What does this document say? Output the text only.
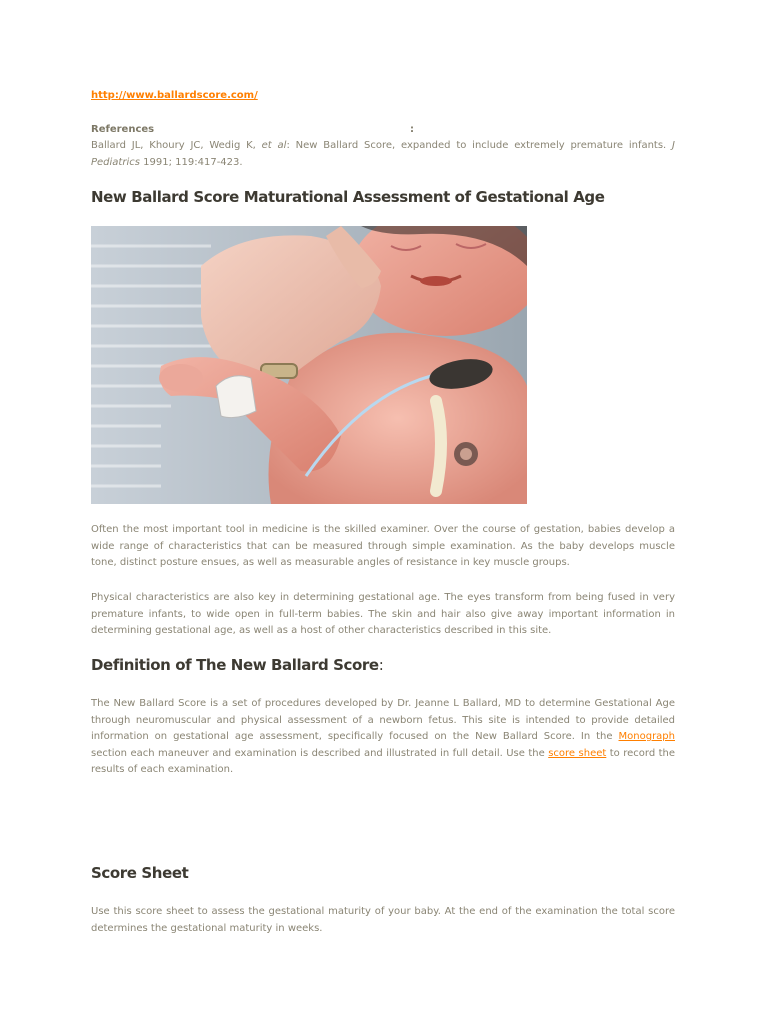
http://www.ballardscore.com/
References	:

Ballard JL, Khoury JC, Wedig K, et al: New Ballard Score, expanded to include extremely premature infants. J Pediatrics 1991; 119:417-423.

New Ballard Score Maturational Assessment of Gestational Age

Often the most important tool in medicine is the skilled examiner. Over the course of gestation, babies develop a wide range of characteristics that can be measured through simple examination. As the baby develops muscle tone, distinct posture ensues, as well as measurable angles of resistance in key muscle groups.

Physical characteristics are also key in determining gestational age. The eyes transform from being fused in very premature infants, to wide open in full-term babies. The skin and hair also give away important information in determining gestational age, as well as a host of other characteristics described in this site.

Definition of The New Ballard Score:

The New Ballard Score is a set of procedures developed by Dr. Jeanne L Ballard, MD to determine Gestational Age through neuromuscular and physical assessment of a newborn fetus. This site is intended to provide detailed information on gestational age assessment, specifically focused on the New Ballard Score. In the Monograph section each maneuver and examination is described and illustrated in full detail. Use the score sheet to record the results of each examination.

Score Sheet

Use this score sheet to assess the gestational maturity of your baby. At the end of the examination the total score determines the gestational maturity in weeks.
